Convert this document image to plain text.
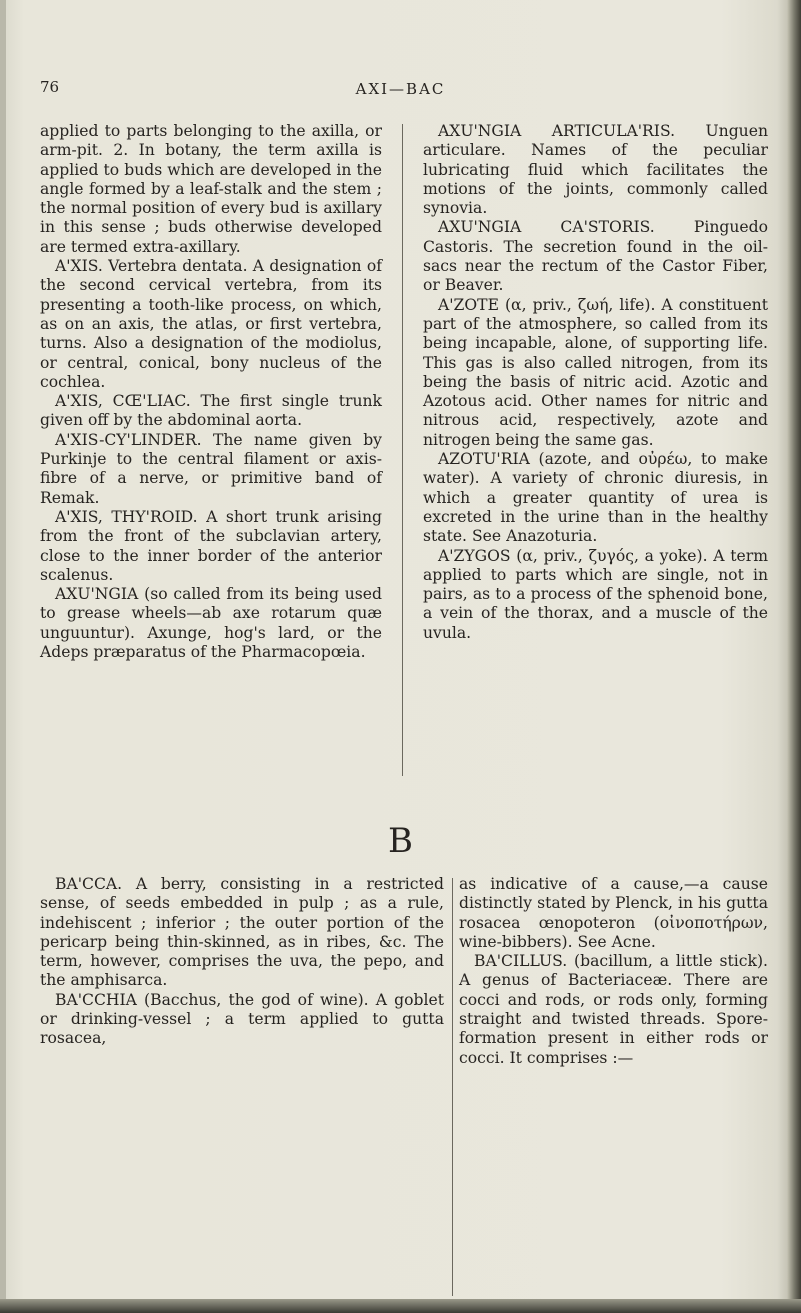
76	AXI—BAC

applied to parts belonging to the axilla, or arm-pit. 2. In botany, the term axilla is applied to buds which are developed in the angle formed by a leaf-stalk and the stem ; the normal position of every bud is axillary in this sense ; buds otherwise developed are termed extra-axillary.

A'XIS. Vertebra dentata. A designation of the second cervical vertebra, from its presenting a tooth-like process, on which, as on an axis, the atlas, or first vertebra, turns. Also a designation of the modiolus, or central, conical, bony nucleus of the cochlea.

A'XIS, CŒ'LIAC. The first single trunk given off by the abdominal aorta.

A'XIS-CY'LINDER. The name given by Purkinje to the central filament or axis-fibre of a nerve, or primitive band of Remak.

A'XIS, THY'ROID. A short trunk arising from the front of the subclavian artery, close to the inner border of the anterior scalenus.

AXU'NGIA (so called from its being used to grease wheels—ab axe rotarum quæ unguuntur). Axunge, hog's lard, or the Adeps præparatus of the Pharmacopœia.

AXU'NGIA ARTICULA'RIS. Unguen articulare. Names of the peculiar lubricating fluid which facilitates the motions of the joints, commonly called synovia.

AXU'NGIA CA'STORIS. Pinguedo Castoris. The secretion found in the oil-sacs near the rectum of the Castor Fiber, or Beaver.

A'ZOTE (α, priv., ζωή, life). A constituent part of the atmosphere, so called from its being incapable, alone, of supporting life. This gas is also called nitrogen, from its being the basis of nitric acid. Azotic and Azotous acid. Other names for nitric and nitrous acid, respectively, azote and nitrogen being the same gas.

AZOTU'RIA (azote, and οὐρέω, to make water). A variety of chronic diuresis, in which a greater quantity of urea is excreted in the urine than in the healthy state. See Anazoturia.

A'ZYGOS (α, priv., ζυγός, a yoke). A term applied to parts which are single, not in pairs, as to a process of the sphenoid bone, a vein of the thorax, and a muscle of the uvula.

B

BA'CCA. A berry, consisting in a restricted sense, of seeds embedded in pulp ; as a rule, indehiscent ; inferior ; the outer portion of the pericarp being thin-skinned, as in ribes, &c. The term, however, comprises the uva, the pepo, and the amphisarca.

BA'CCHIA (Bacchus, the god of wine). A goblet or drinking-vessel ; a term applied to gutta rosacea,

as indicative of a cause,—a cause distinctly stated by Plenck, in his gutta rosacea œnopoteron (οἰνοποτήρων, wine-bibbers). See Acne.

BA'CILLUS. (bacillum, a little stick). A genus of Bacteriaceæ. There are cocci and rods, or rods only, forming straight and twisted threads. Spore-formation present in either rods or cocci. It comprises :—
